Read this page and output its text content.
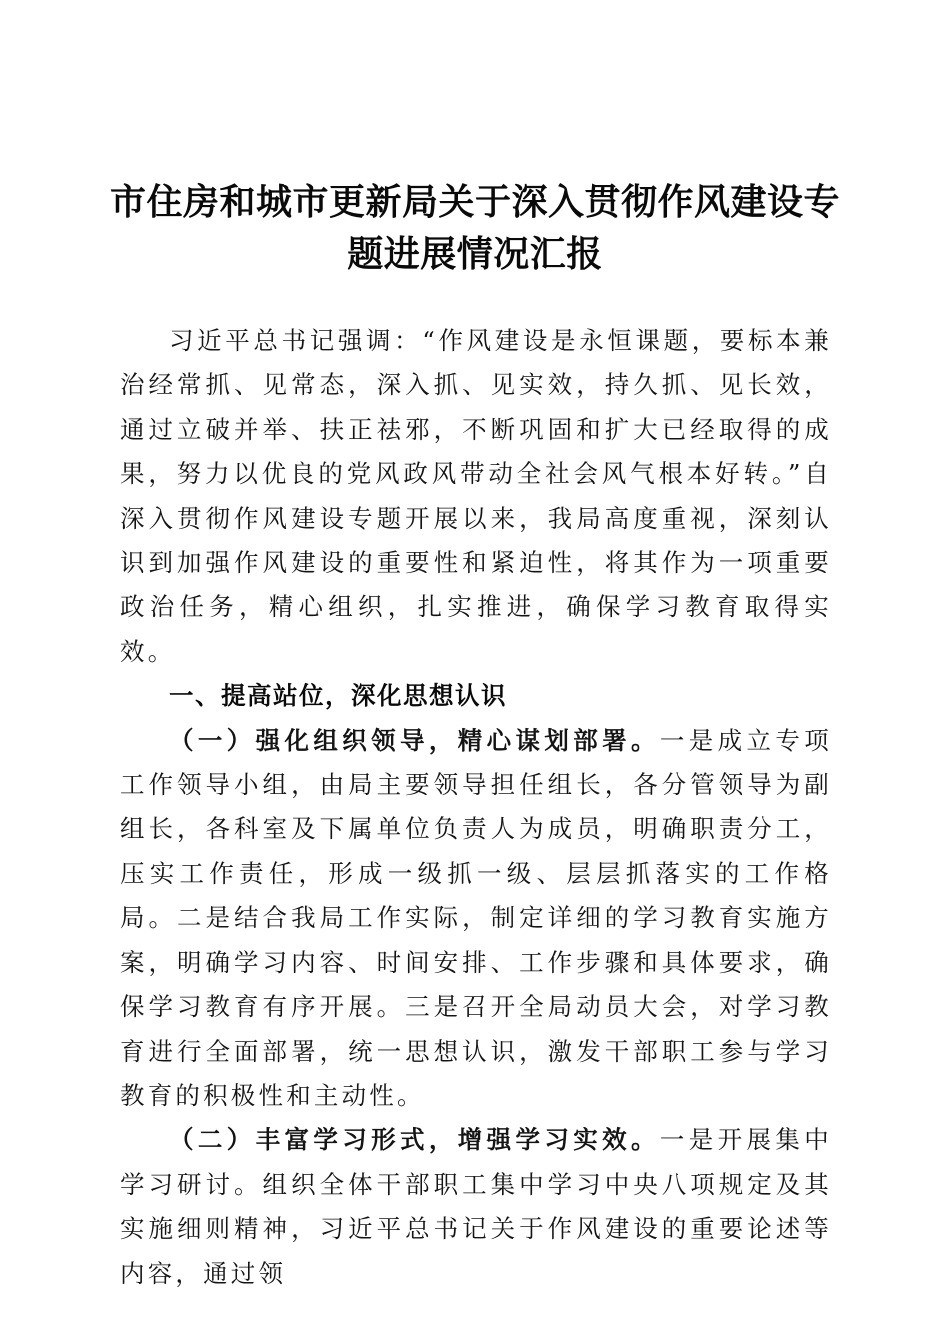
市住房和城市更新局关于深入贯彻作风建设专题进展情况汇报

习近平总书记强调：“作风建设是永恒课题，要标本兼治经常抓、见常态，深入抓、见实效，持久抓、见长效，通过立破并举、扶正祛邪，不断巩固和扩大已经取得的成果，努力以优良的党风政风带动全社会风气根本好转。”自深入贯彻作风建设专题开展以来，我局高度重视，深刻认识到加强作风建设的重要性和紧迫性，将其作为一项重要政治任务，精心组织，扎实推进，确保学习教育取得实效。

一、提高站位，深化思想认识

（一）强化组织领导，精心谋划部署。一是成立专项工作领导小组，由局主要领导担任组长，各分管领导为副组长，各科室及下属单位负责人为成员，明确职责分工，压实工作责任，形成一级抓一级、层层抓落实的工作格局。二是结合我局工作实际，制定详细的学习教育实施方案，明确学习内容、时间安排、工作步骤和具体要求，确保学习教育有序开展。三是召开全局动员大会，对学习教育进行全面部署，统一思想认识，激发干部职工参与学习教育的积极性和主动性。

（二）丰富学习形式，增强学习实效。一是开展集中学习研讨。组织全体干部职工集中学习中央八项规定及其实施细则精神，习近平总书记关于作风建设的重要论述等内容，通过领
